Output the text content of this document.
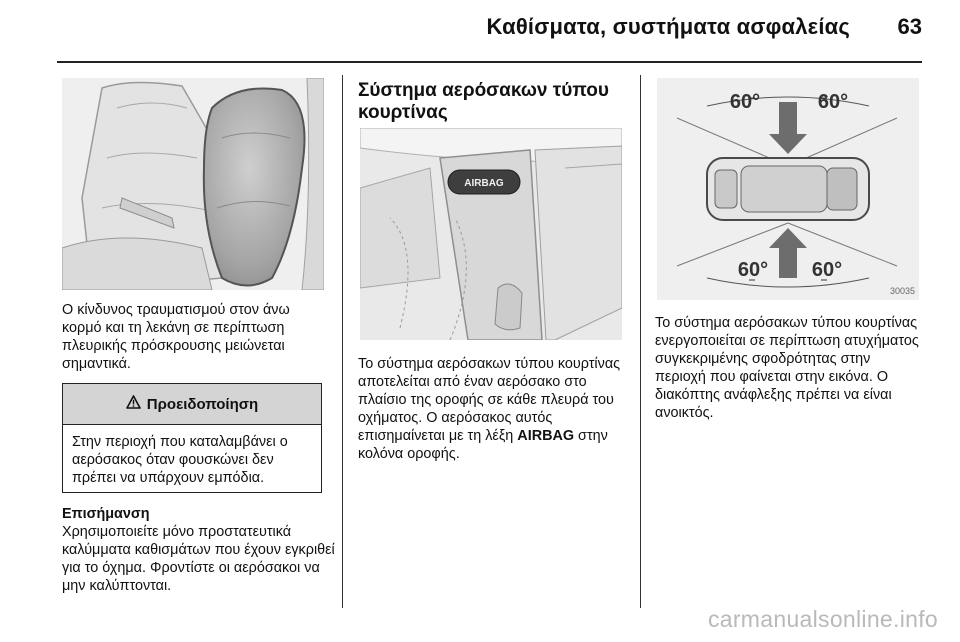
Καθίσματα, συστήματα ασφαλείας 63
Ο κίνδυνος τραυματισμού στον άνω κορμό και τη λεκάνη σε περίπτωση πλευρικής πρόσκρουσης μειώνεται σημαντικά.
Προειδοποίηση
Στην περιοχή που καταλαμβάνει ο αερόσακος όταν φουσκώνει δεν πρέπει να υπάρχουν εμπόδια.
Επισήμανση
Χρησιμοποιείτε μόνο προστατευτικά καλύμματα καθισμάτων που έχουν εγκριθεί για το όχημα. Φροντίστε οι αερόσακοι να μην καλύπτονται.
Σύστημα αερόσακων τύπου
κουρτίνας
AIRBAG
Το σύστημα αερόσακων τύπου κουρτίνας αποτελείται από έναν αερόσακο στο πλαίσιο της οροφής σε κάθε πλευρά του οχήματος. Ο αερόσακος αυτός επισημαίνεται με τη λέξη AIRBAG στην κολόνα οροφής.
60°	60°
60° 60°
30035
Το σύστημα αερόσακων τύπου κουρτίνας ενεργοποιείται σε περίπτωση ατυχήματος συγκεκριμένης σφοδρότητας στην περιοχή που φαίνεται στην εικόνα. Ο διακόπτης ανάφλεξης πρέπει να είναι ανοικτός.
carmanualsonline.info
